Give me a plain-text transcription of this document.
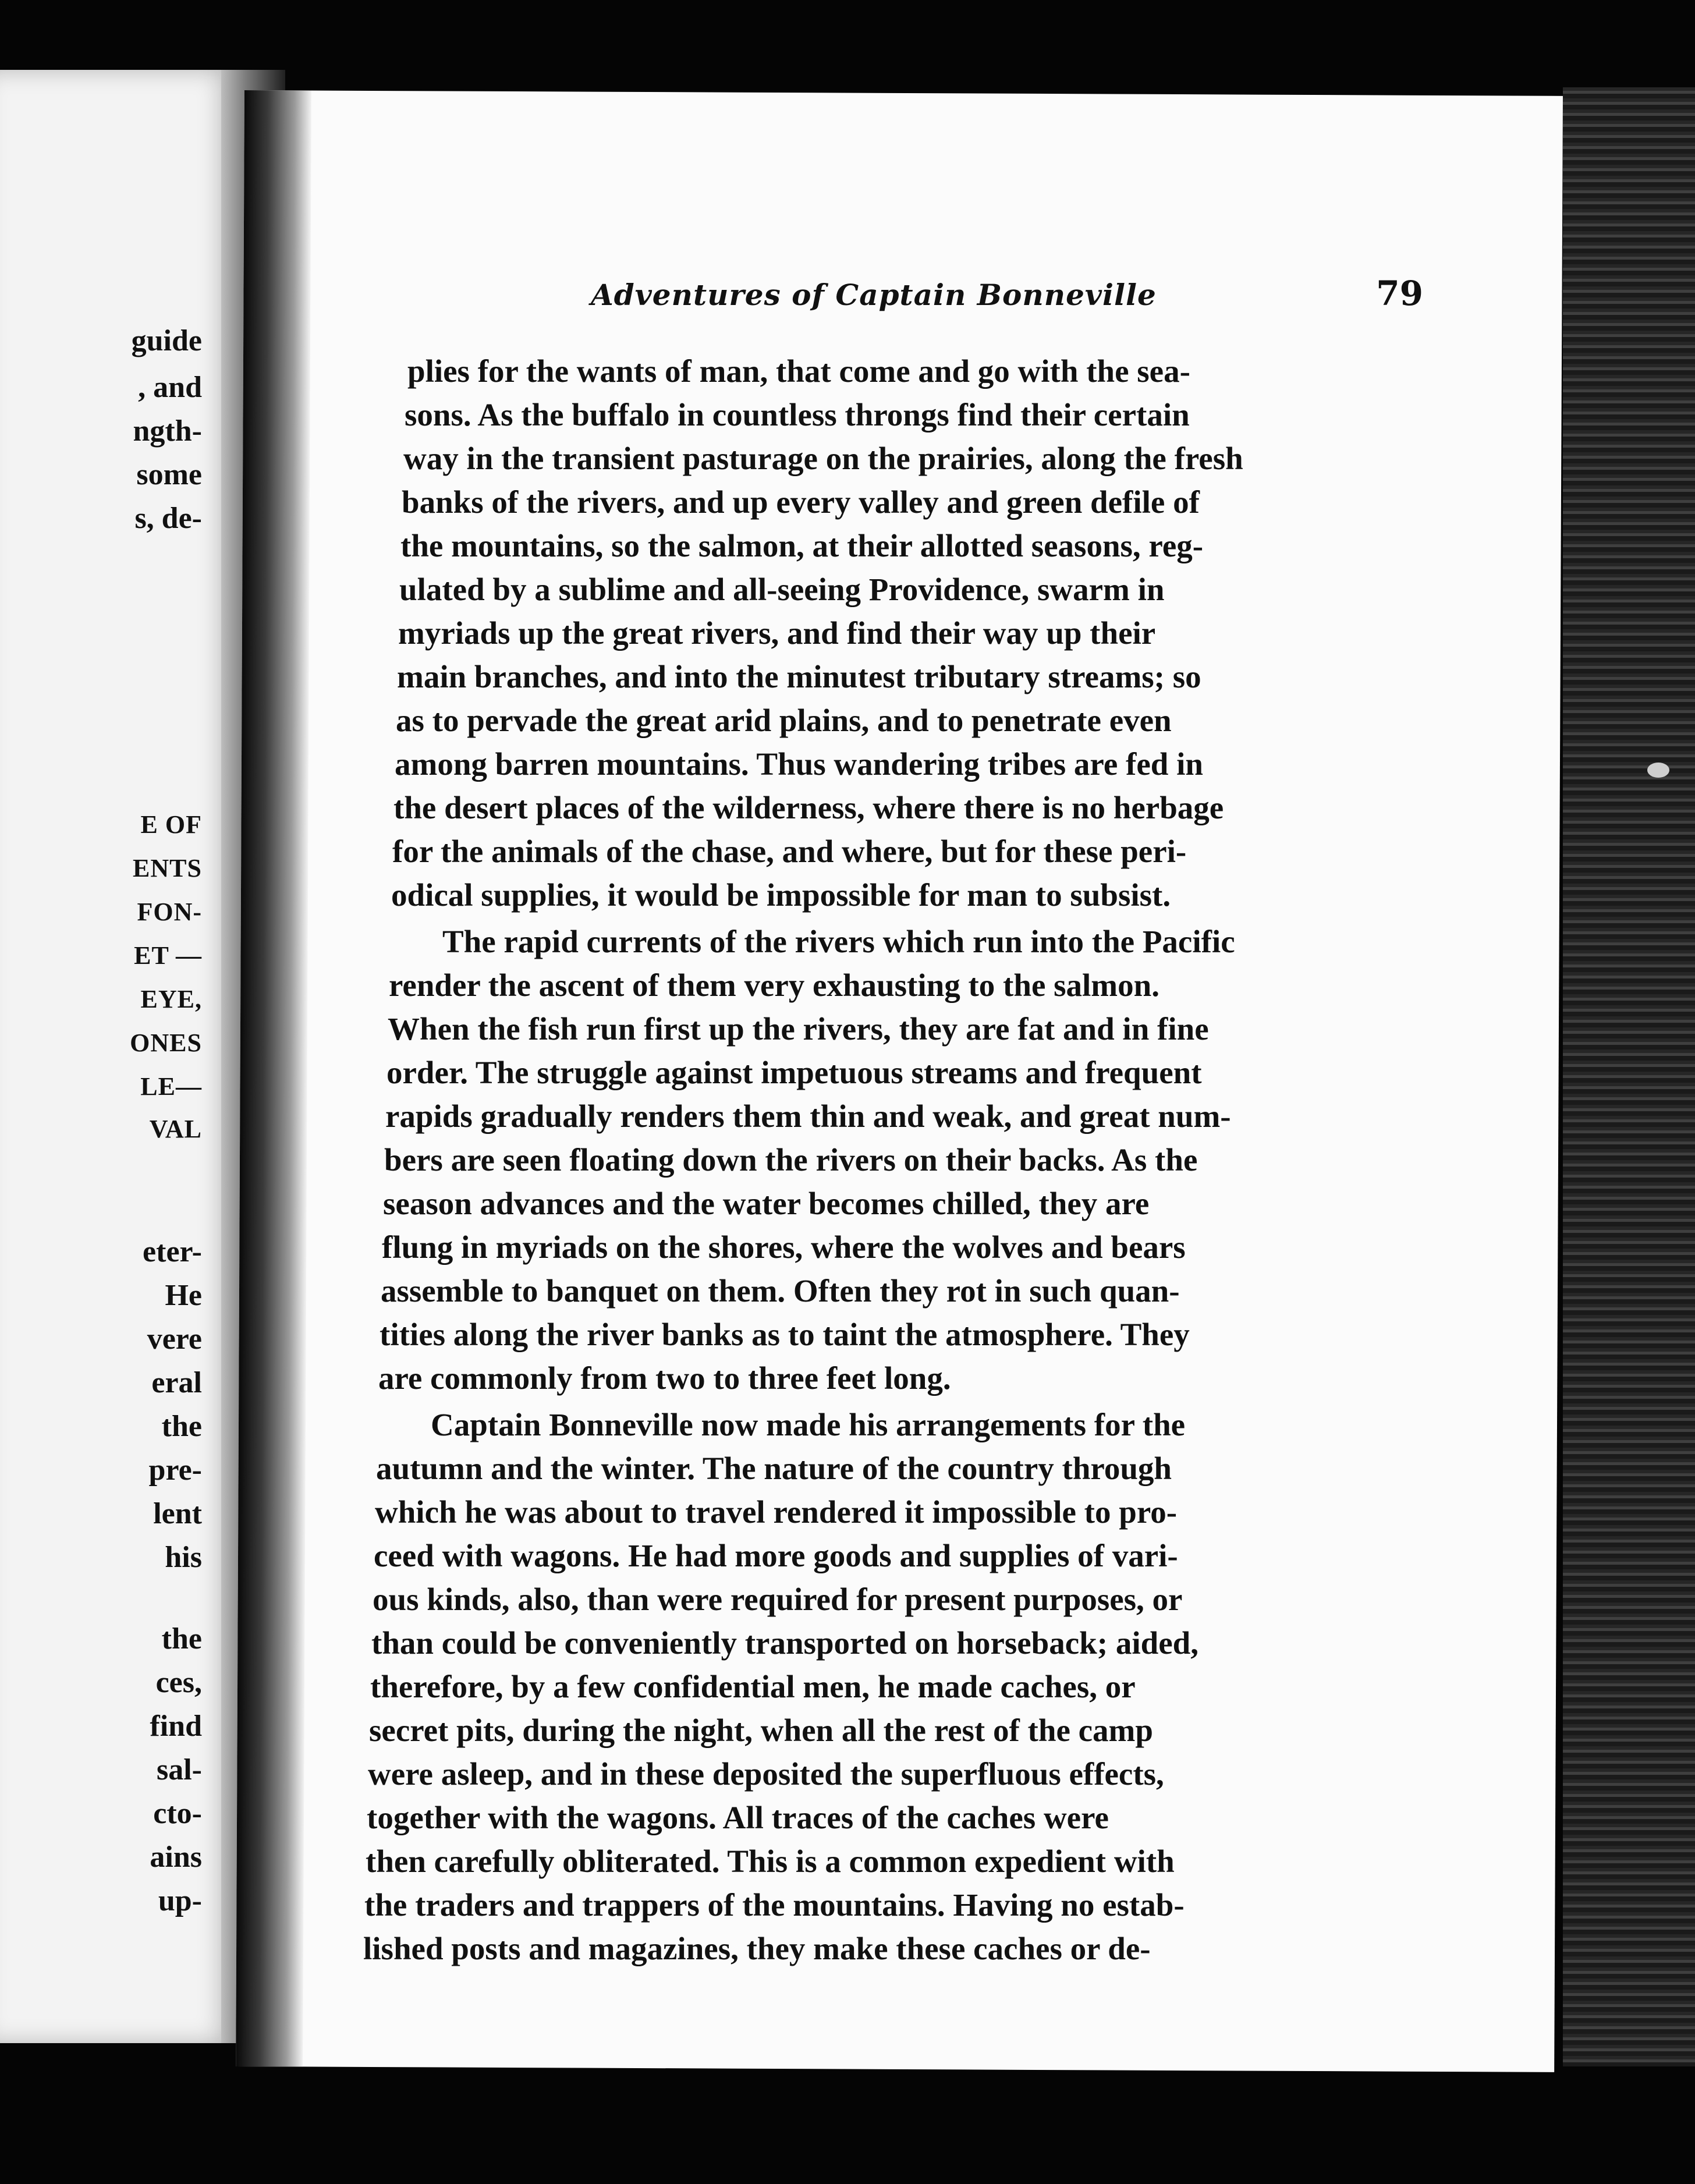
guide
, and
ngth-
some
s, de-
E OF
ENTS
FON-
ET —
EYE,
ONES
LE—
VAL
eter-
He
vere
eral
the
pre-
lent
his
the
ces,
find
sal-
cto-
ains
up-
Adventures of Captain Bonneville	79
plies for the wants of man, that come and go with the sea-
sons. As the buffalo in countless throngs find their certain
way in the transient pasturage on the prairies, along the fresh
banks of the rivers, and up every valley and green defile of
the mountains, so the salmon, at their allotted seasons, reg-
ulated by a sublime and all-seeing Providence, swarm in
myriads up the great rivers, and find their way up their
main branches, and into the minutest tributary streams; so
as to pervade the great arid plains, and to penetrate even
among barren mountains. Thus wandering tribes are fed in
the desert places of the wilderness, where there is no herbage
for the animals of the chase, and where, but for these peri-
odical supplies, it would be impossible for man to subsist.
The rapid currents of the rivers which run into the Pacific
render the ascent of them very exhausting to the salmon.
When the fish run first up the rivers, they are fat and in fine
order. The struggle against impetuous streams and frequent
rapids gradually renders them thin and weak, and great num-
bers are seen floating down the rivers on their backs. As the
season advances and the water becomes chilled, they are
flung in myriads on the shores, where the wolves and bears
assemble to banquet on them. Often they rot in such quan-
tities along the river banks as to taint the atmosphere. They
are commonly from two to three feet long.
Captain Bonneville now made his arrangements for the
autumn and the winter. The nature of the country through
which he was about to travel rendered it impossible to pro-
ceed with wagons. He had more goods and supplies of vari-
ous kinds, also, than were required for present purposes, or
than could be conveniently transported on horseback; aided,
therefore, by a few confidential men, he made caches, or
secret pits, during the night, when all the rest of the camp
were asleep, and in these deposited the superfluous effects,
together with the wagons. All traces of the caches were
then carefully obliterated. This is a common expedient with
the traders and trappers of the mountains. Having no estab-
lished posts and magazines, they make these caches or de-
